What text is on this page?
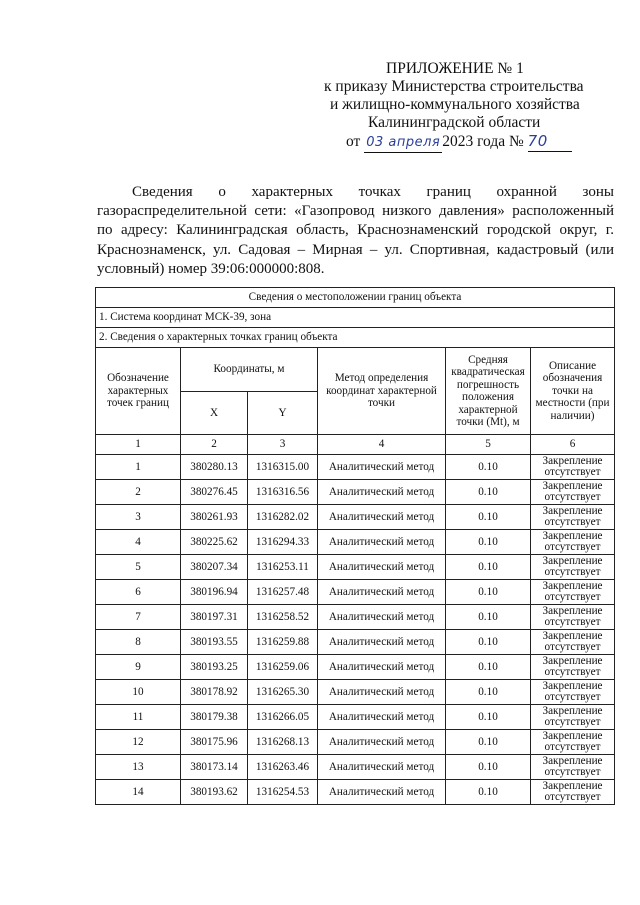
ПРИЛОЖЕНИЕ № 1
к приказу Министерства строительства
и жилищно-коммунального хозяйства
Калининградской области
от 03 апреля 2023 года № 70

Сведения о характерных точках границ охранной зоны газораспределительной сети: «Газопровод низкого давления» расположенный по адресу: Калининградская область, Краснознаменский городской округ, г. Краснознаменск, ул. Садовая – Мирная – ул. Спортивная, кадастровый (или условный) номер 39:06:000000:808.

Сведения о местоположении границ объекта					
1. Система координат МСК-39, зона					
2. Сведения о характерных точках границ объекта					
Обозначение характерных точек границ	Координаты, м		Метод определения координат характерной точки	Средняя квадратическая погрешность положения характерной точки (Mt), м	Описание обозначения точки на местности (при наличии)
	X	Y			
1	2	3	4	5	6
1	380280.13	1316315.00	Аналитический метод	0.10	Закрепление отсутствует
2	380276.45	1316316.56	Аналитический метод	0.10	Закрепление отсутствует
3	380261.93	1316282.02	Аналитический метод	0.10	Закрепление отсутствует
4	380225.62	1316294.33	Аналитический метод	0.10	Закрепление отсутствует
5	380207.34	1316253.11	Аналитический метод	0.10	Закрепление отсутствует
6	380196.94	1316257.48	Аналитический метод	0.10	Закрепление отсутствует
7	380197.31	1316258.52	Аналитический метод	0.10	Закрепление отсутствует
8	380193.55	1316259.88	Аналитический метод	0.10	Закрепление отсутствует
9	380193.25	1316259.06	Аналитический метод	0.10	Закрепление отсутствует
10	380178.92	1316265.30	Аналитический метод	0.10	Закрепление отсутствует
11	380179.38	1316266.05	Аналитический метод	0.10	Закрепление отсутствует
12	380175.96	1316268.13	Аналитический метод	0.10	Закрепление отсутствует
13	380173.14	1316263.46	Аналитический метод	0.10	Закрепление отсутствует
14	380193.62	1316254.53	Аналитический метод	0.10	Закрепление отсутствует
